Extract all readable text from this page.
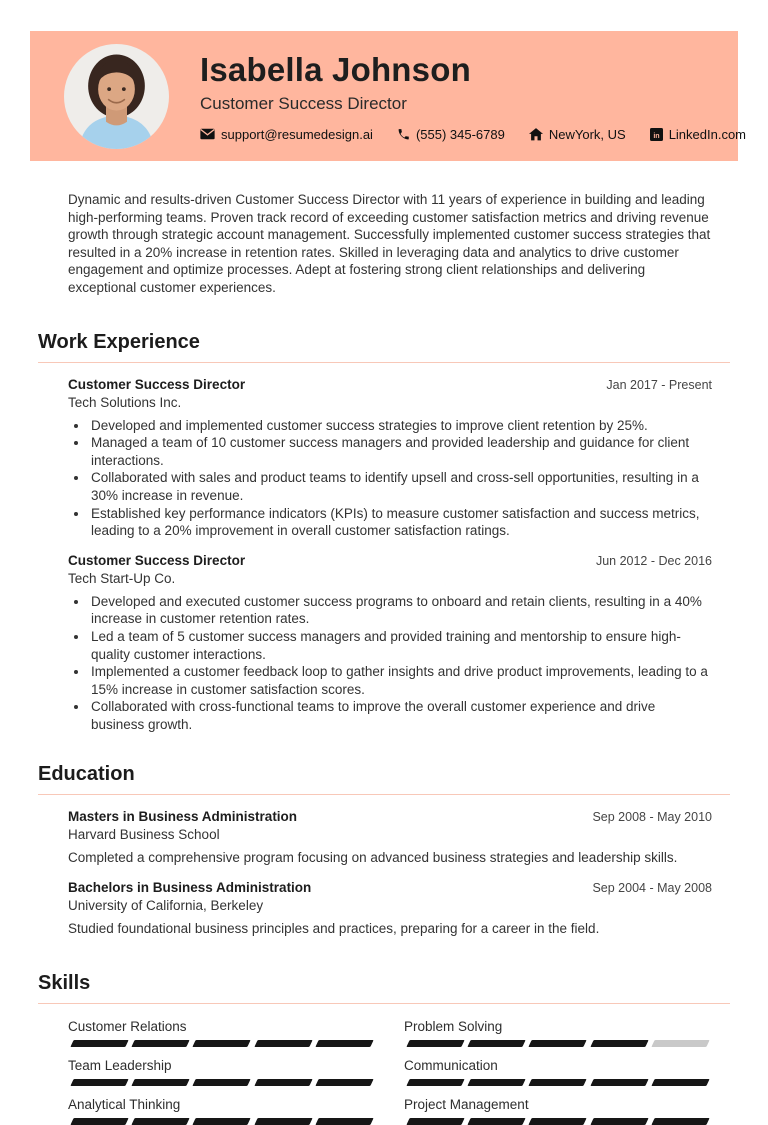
Isabella Johnson
Customer Success Director
support@resumedesign.ai	(555) 345-6789	NewYork, US in LinkedIn.com

Dynamic and results-driven Customer Success Director with 11 years of experience in building and leading high-performing teams. Proven track record of exceeding customer satisfaction metrics and driving revenue growth through strategic account management. Successfully implemented customer success strategies that resulted in a 20% increase in retention rates. Skilled in leveraging data and analytics to drive customer engagement and optimize processes. Adept at fostering strong client relationships and delivering exceptional customer experiences.

Work Experience
Customer Success Director
Tech Solutions Inc.
Jan 2017 - Present
• Developed and implemented customer success strategies to improve client retention by 25%.
• Managed a team of 10 customer success managers and provided leadership and guidance for client interactions.
• Collaborated with sales and product teams to identify upsell and cross-sell opportunities, resulting in a 30% increase in revenue.
• Established key performance indicators (KPIs) to measure customer satisfaction and success metrics, leading to a 20% improvement in overall customer satisfaction ratings.
Customer Success Director
Tech Start-Up Co.
Jun 2012 - Dec 2016
• Developed and executed customer success programs to onboard and retain clients, resulting in a 40% increase in customer retention rates.
• Led a team of 5 customer success managers and provided training and mentorship to ensure high-quality customer interactions.
• Implemented a customer feedback loop to gather insights and drive product improvements, leading to a 15% increase in customer satisfaction scores.
• Collaborated with cross-functional teams to improve the overall customer experience and drive business growth.
Education
Masters in Business Administration
Harvard Business School
Sep 2008 - May 2010

Completed a comprehensive program focusing on advanced business strategies and leadership skills.

Bachelors in Business Administration
University of California, Berkeley
Sep 2004 - May 2008

Studied foundational business principles and practices, preparing for a career in the field.

Skills
Customer Relations	Problem Solving
Team Leadership	Communication
Analytical Thinking	Project Management
